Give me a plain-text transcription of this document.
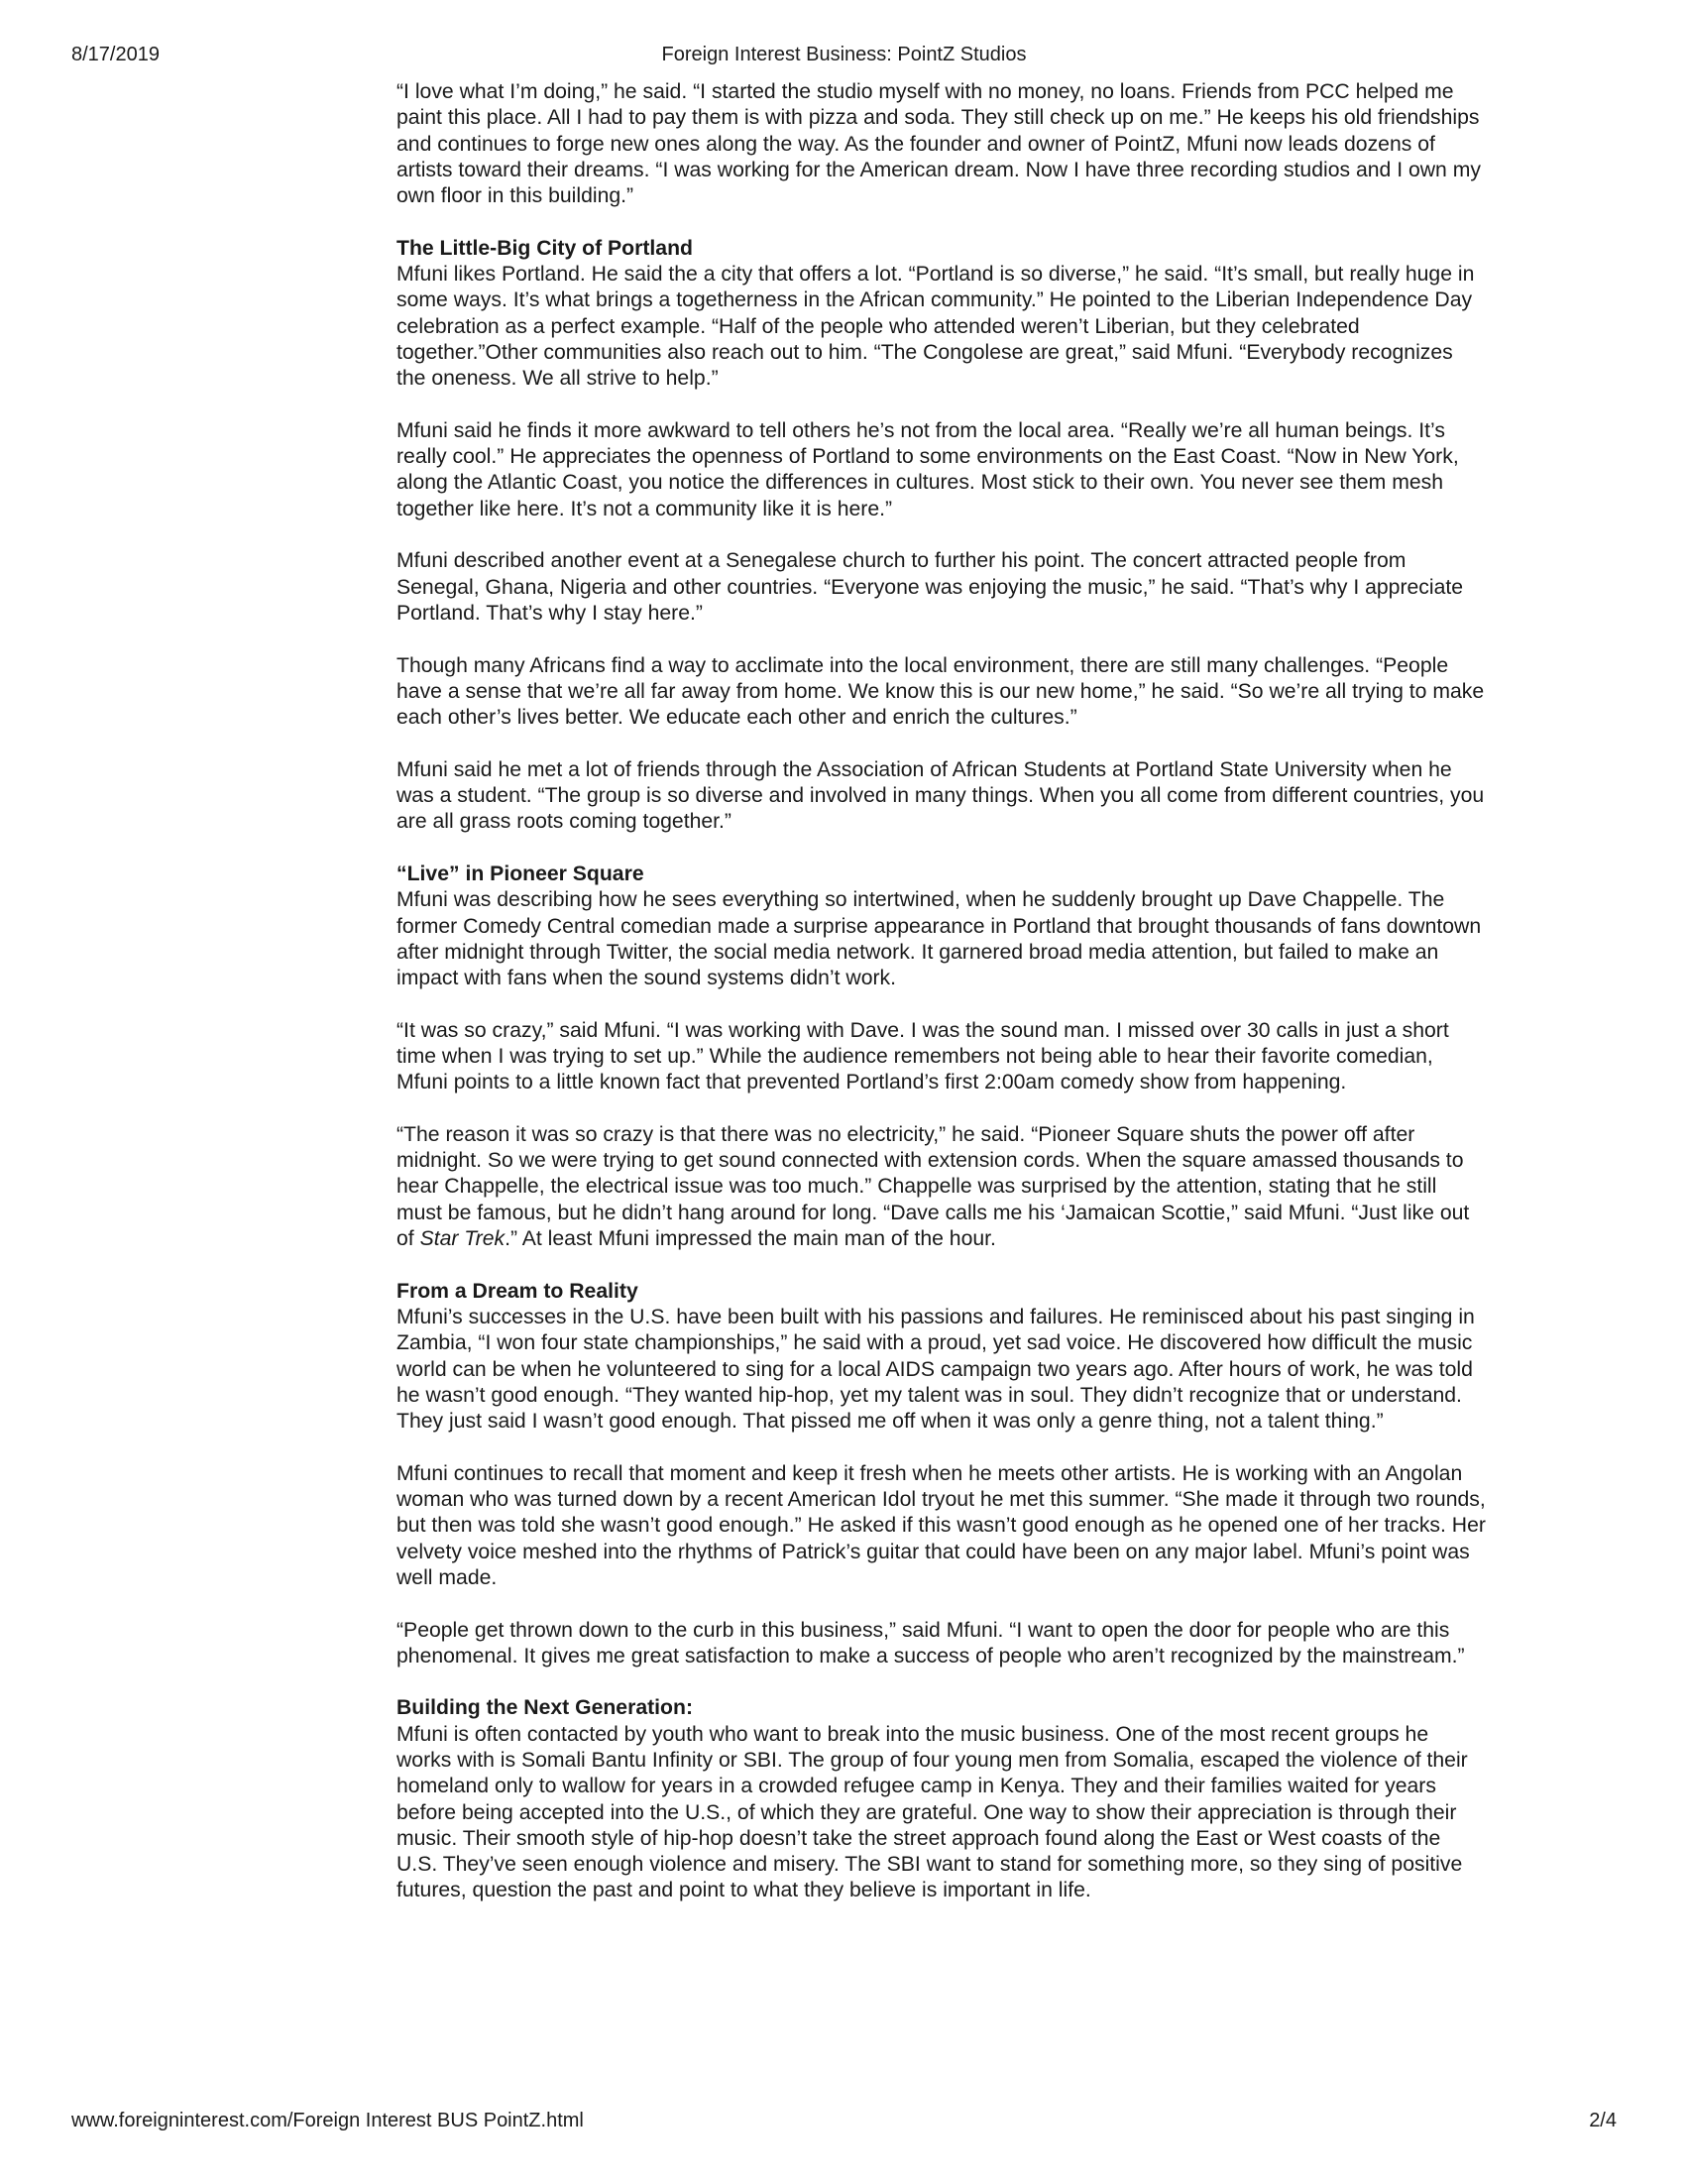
8/17/2019	Foreign Interest Business: PointZ Studios

“I love what I’m doing,” he said. “I started the studio myself with no money, no loans. Friends from PCC helped me paint this place. All I had to pay them is with pizza and soda. They still check up on me.” He keeps his old friendships and continues to forge new ones along the way. As the founder and owner of PointZ, Mfuni now leads dozens of artists toward their dreams. “I was working for the American dream. Now I have three recording studios and I own my own floor in this building.”

The Little-Big City of Portland

Mfuni likes Portland. He said the a city that offers a lot. “Portland is so diverse,” he said. “It’s small, but really huge in some ways. It’s what brings a togetherness in the African community.” He pointed to the Liberian Independence Day celebration as a perfect example. “Half of the people who attended weren’t Liberian, but they celebrated together.”Other communities also reach out to him. “The Congolese are great,” said Mfuni. “Everybody recognizes the oneness. We all strive to help.”

Mfuni said he finds it more awkward to tell others he’s not from the local area. “Really we’re all human beings. It’s really cool.” He appreciates the openness of Portland to some environments on the East Coast. “Now in New York, along the Atlantic Coast, you notice the differences in cultures. Most stick to their own. You never see them mesh together like here. It’s not a community like it is here.”

Mfuni described another event at a Senegalese church to further his point. The concert attracted people from Senegal, Ghana, Nigeria and other countries. “Everyone was enjoying the music,” he said. “That’s why I appreciate Portland. That’s why I stay here.”

Though many Africans find a way to acclimate into the local environment, there are still many challenges. “People have a sense that we’re all far away from home. We know this is our new home,” he said. “So we’re all trying to make each other’s lives better. We educate each other and enrich the cultures.”

Mfuni said he met a lot of friends through the Association of African Students at Portland State University when he was a student. “The group is so diverse and involved in many things. When you all come from different countries, you are all grass roots coming together.”

“Live” in Pioneer Square

Mfuni was describing how he sees everything so intertwined, when he suddenly brought up Dave Chappelle. The former Comedy Central comedian made a surprise appearance in Portland that brought thousands of fans downtown after midnight through Twitter, the social media network. It garnered broad media attention, but failed to make an impact with fans when the sound systems didn’t work.

“It was so crazy,” said Mfuni. “I was working with Dave. I was the sound man. I missed over 30 calls in just a short time when I was trying to set up.” While the audience remembers not being able to hear their favorite comedian, Mfuni points to a little known fact that prevented Portland’s first 2:00am comedy show from happening.

“The reason it was so crazy is that there was no electricity,” he said. “Pioneer Square shuts the power off after midnight. So we were trying to get sound connected with extension cords. When the square amassed thousands to hear Chappelle, the electrical issue was too much.” Chappelle was surprised by the attention, stating that he still must be famous, but he didn’t hang around for long. “Dave calls me his ‘Jamaican Scottie,” said Mfuni. “Just like out of Star Trek.” At least Mfuni impressed the main man of the hour.

From a Dream to Reality

Mfuni’s successes in the U.S. have been built with his passions and failures. He reminisced about his past singing in Zambia, “I won four state championships,” he said with a proud, yet sad voice. He discovered how difficult the music world can be when he volunteered to sing for a local AIDS campaign two years ago. After hours of work, he was told he wasn’t good enough. “They wanted hip-hop, yet my talent was in soul. They didn’t recognize that or understand. They just said I wasn’t good enough. That pissed me off when it was only a genre thing, not a talent thing.”

Mfuni continues to recall that moment and keep it fresh when he meets other artists. He is working with an Angolan woman who was turned down by a recent American Idol tryout he met this summer. “She made it through two rounds, but then was told she wasn’t good enough.” He asked if this wasn’t good enough as he opened one of her tracks. Her velvety voice meshed into the rhythms of Patrick’s guitar that could have been on any major label. Mfuni’s point was well made.

“People get thrown down to the curb in this business,” said Mfuni. “I want to open the door for people who are this phenomenal. It gives me great satisfaction to make a success of people who aren’t recognized by the mainstream.”

Building the Next Generation:

Mfuni is often contacted by youth who want to break into the music business. One of the most recent groups he works with is Somali Bantu Infinity or SBI. The group of four young men from Somalia, escaped the violence of their homeland only to wallow for years in a crowded refugee camp in Kenya. They and their families waited for years before being accepted into the U.S., of which they are grateful. One way to show their appreciation is through their music. Their smooth style of hip-hop doesn’t take the street approach found along the East or West coasts of the U.S. They’ve seen enough violence and misery. The SBI want to stand for something more, so they sing of positive futures, question the past and point to what they believe is important in life.

www.foreigninterest.com/Foreign Interest BUS PointZ.html	2/4
